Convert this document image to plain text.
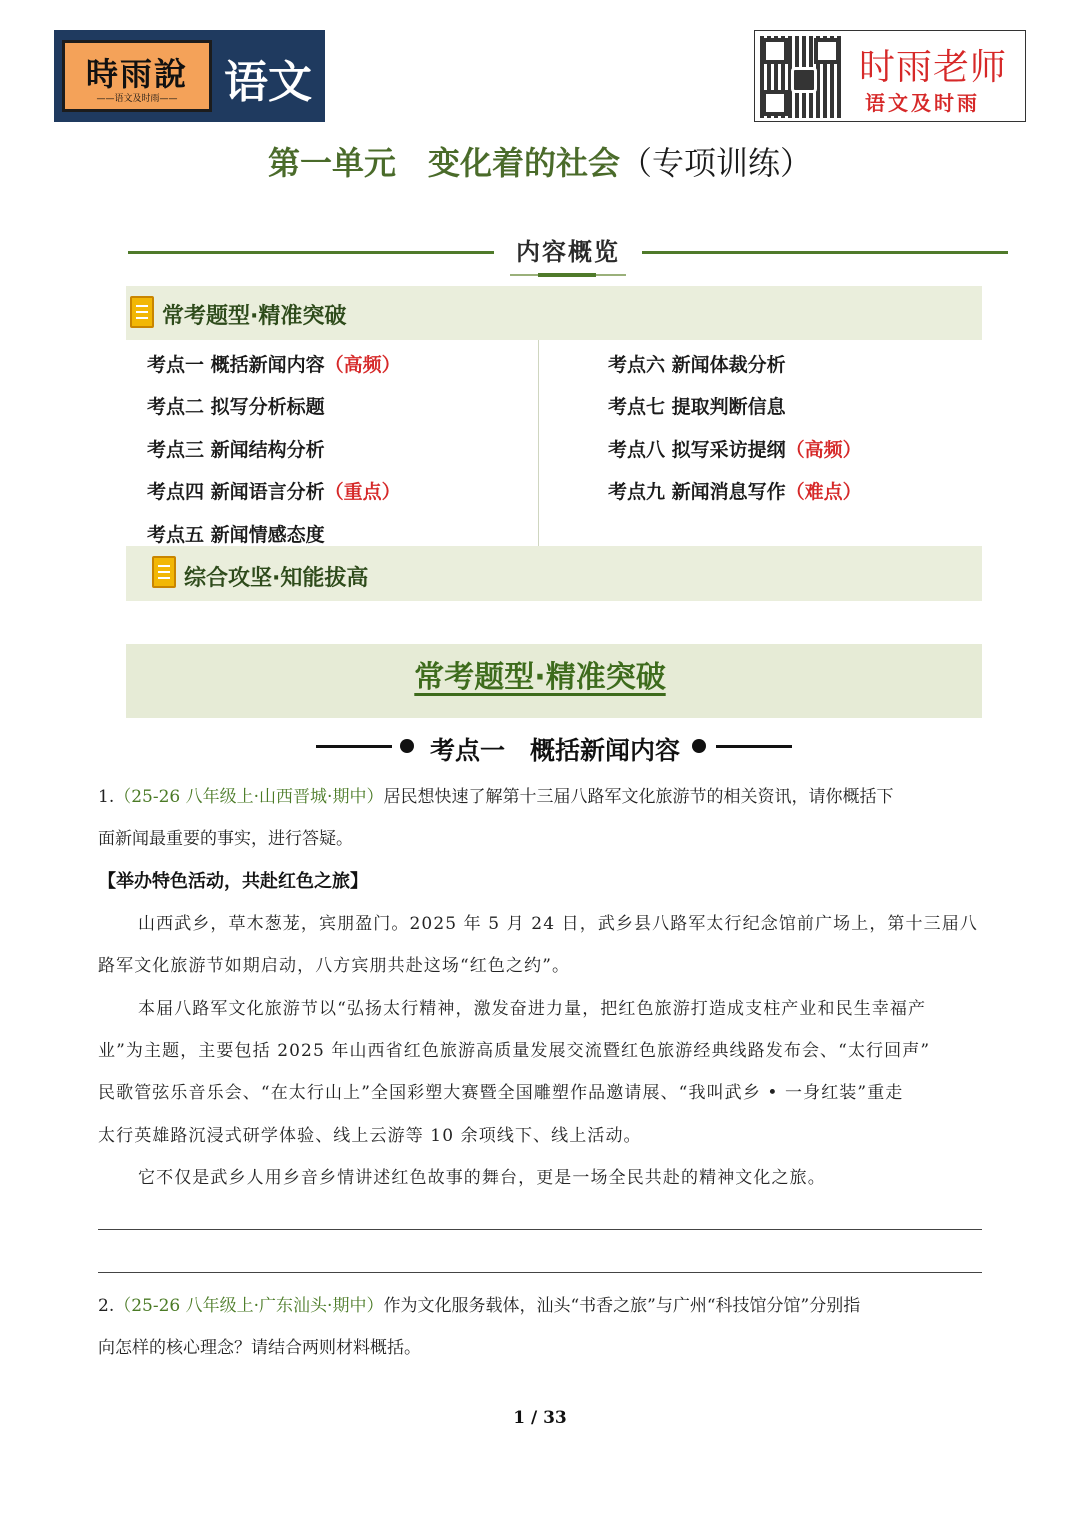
時雨說
——语文及时雨——	语文	时雨老师
语文及时雨
第一单元　变化着的社会（专项训练）
内容概览
常考题型·精准突破
考点一 概括新闻内容（高频）
考点二 拟写分析标题
考点三 新闻结构分析
考点四 新闻语言分析（重点）
考点五 新闻情感态度
考点六 新闻体裁分析
考点七 提取判断信息
考点八 拟写采访提纲（高频）
考点九 新闻消息写作（难点）
综合攻坚·知能拔高
常考题型·精准突破
考点一　概括新闻内容
1.（25-26 八年级上·山西晋城·期中）居民想快速了解第十三届八路军文化旅游节的相关资讯，请你概括下
面新闻最重要的事实，进行答疑。
【举办特色活动，共赴红色之旅】
山西武乡，草木葱茏，宾朋盈门。2025 年 5 月 24 日，武乡县八路军太行纪念馆前广场上，第十三届八
路军文化旅游节如期启动，八方宾朋共赴这场“红色之约”。
本届八路军文化旅游节以“弘扬太行精神，激发奋进力量，把红色旅游打造成支柱产业和民生幸福产
业”为主题，主要包括 2025 年山西省红色旅游高质量发展交流暨红色旅游经典线路发布会、“太行回声”
民歌管弦乐音乐会、“在太行山上”全国彩塑大赛暨全国雕塑作品邀请展、“我叫武乡 • 一身红装”重走
太行英雄路沉浸式研学体验、线上云游等 10 余项线下、线上活动。
它不仅是武乡人用乡音乡情讲述红色故事的舞台，更是一场全民共赴的精神文化之旅。
2.（25-26 八年级上·广东汕头·期中）作为文化服务载体，汕头“书香之旅”与广州“科技馆分馆”分别指
向怎样的核心理念？请结合两则材料概括。
1 / 33
